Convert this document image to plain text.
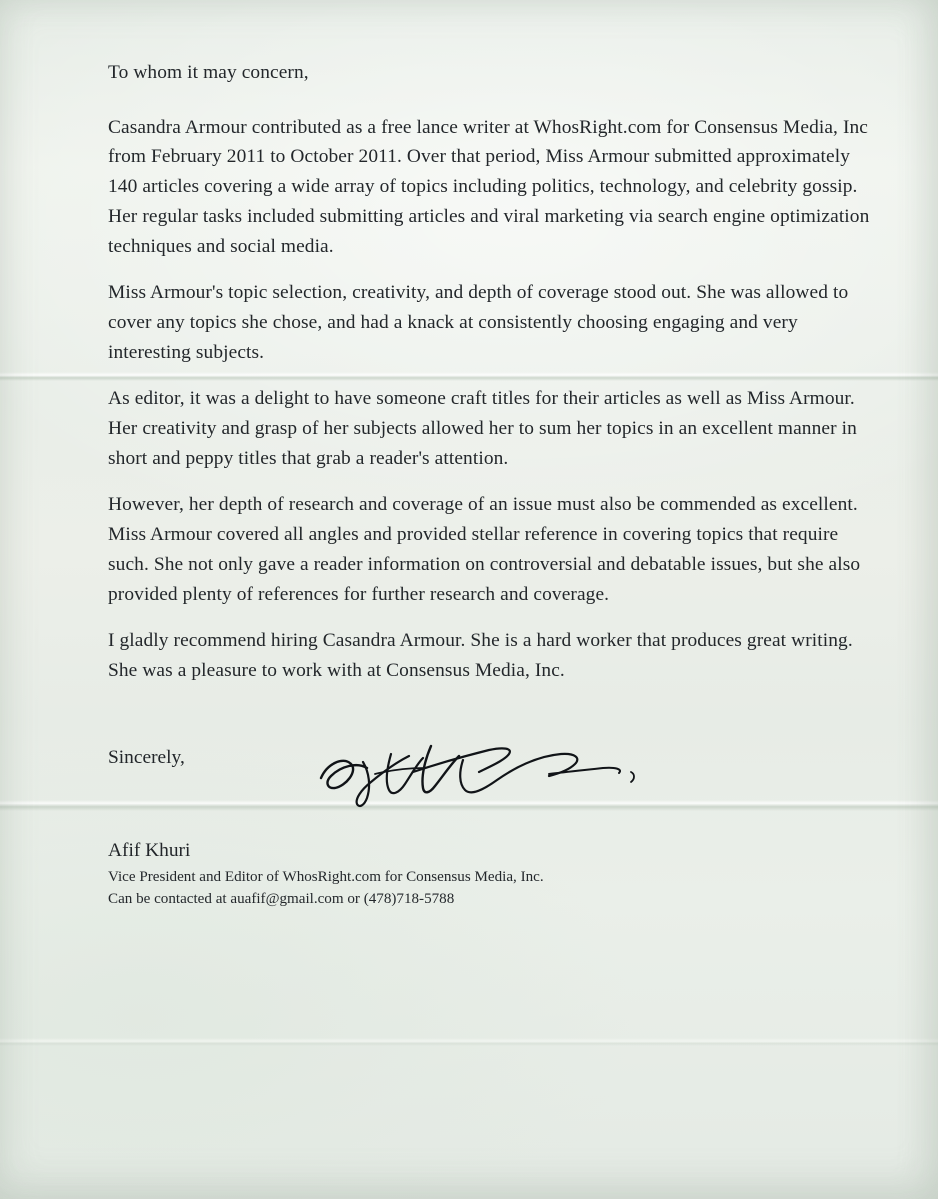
To whom it may concern,

Casandra Armour contributed as a free lance writer at WhosRight.com for Consensus Media, Inc from February 2011 to October 2011. Over that period, Miss Armour submitted approximately 140 articles covering a wide array of topics including politics, technology, and celebrity gossip. Her regular tasks included submitting articles and viral marketing via search engine optimization techniques and social media.

Miss Armour's topic selection, creativity, and depth of coverage stood out. She was allowed to cover any topics she chose, and had a knack at consistently choosing engaging and very interesting subjects.

As editor, it was a delight to have someone craft titles for their articles as well as Miss Armour. Her creativity and grasp of her subjects allowed her to sum her topics in an excellent manner in short and peppy titles that grab a reader's attention.

However, her depth of research and coverage of an issue must also be commended as excellent. Miss Armour covered all angles and provided stellar reference in covering topics that require such. She not only gave a reader information on controversial and debatable issues, but she also provided plenty of references for further research and coverage.

I gladly recommend hiring Casandra Armour. She is a hard worker that produces great writing. She was a pleasure to work with at Consensus Media, Inc.

Sincerely,

Afif Khuri

Vice President and Editor of WhosRight.com for Consensus Media, Inc.

Can be contacted at auafif@gmail.com or (478)718-5788
